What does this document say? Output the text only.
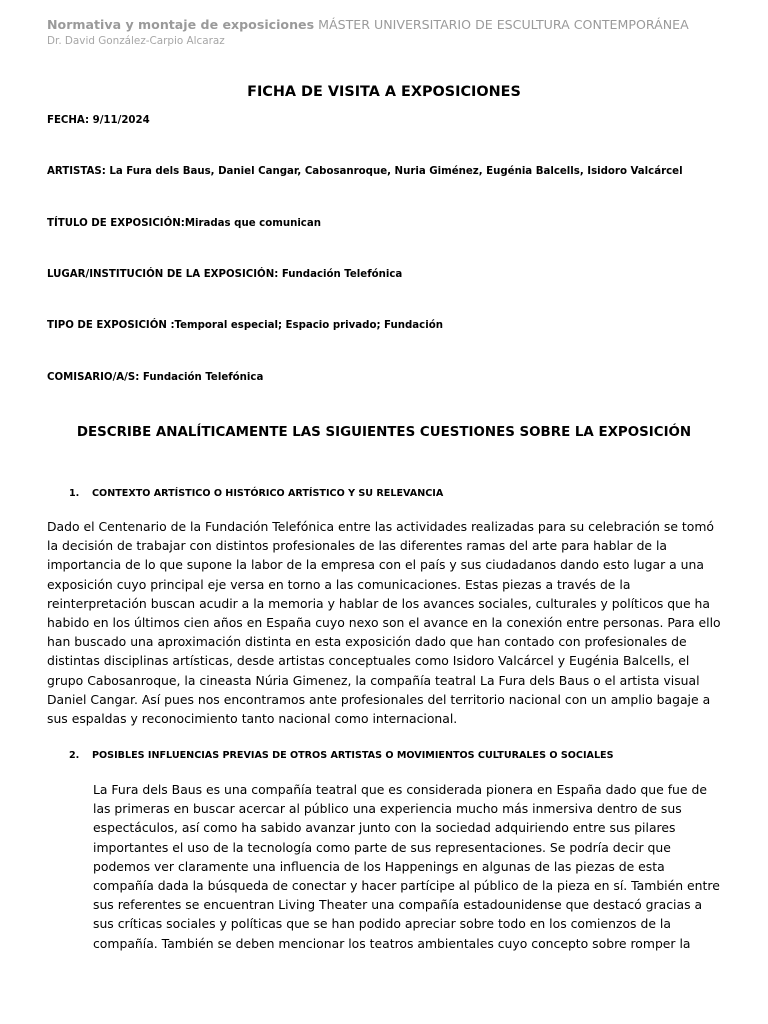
Normativa y montaje de exposiciones MÁSTER UNIVERSITARIO DE ESCULTURA CONTEMPORÁNEA
Dr. David González-Carpio Alcaraz
FICHA DE VISITA A EXPOSICIONES
FECHA: 9/11/2024
ARTISTAS: La Fura dels Baus, Daniel Cangar, Cabosanroque, Nuria Giménez, Eugénia Balcells, Isidoro Valcárcel
TÍTULO DE EXPOSICIÓN:Miradas que comunican
LUGAR/INSTITUCIÓN DE LA EXPOSICIÓN: Fundación Telefónica
TIPO DE EXPOSICIÓN :Temporal especial; Espacio privado; Fundación
COMISARIO/A/S: Fundación Telefónica
DESCRIBE ANALÍTICAMENTE LAS SIGUIENTES CUESTIONES SOBRE LA EXPOSICIÓN
1. CONTEXTO ARTÍSTICO O HISTÓRICO ARTÍSTICO Y SU RELEVANCIA
Dado el Centenario de la Fundación Telefónica entre las actividades realizadas para su celebración se tomó
la decisión de trabajar con distintos profesionales de las diferentes ramas del arte para hablar de la
importancia de lo que supone la labor de la empresa con el país y sus ciudadanos dando esto lugar a una
exposición cuyo principal eje versa en torno a las comunicaciones. Estas piezas a través de la
reinterpretación buscan acudir a la memoria y hablar de los avances sociales, culturales y políticos que ha
habido en los últimos cien años en España cuyo nexo son el avance en la conexión entre personas. Para ello
han buscado una aproximación distinta en esta exposición dado que han contado con profesionales de
distintas disciplinas artísticas, desde artistas conceptuales como Isidoro Valcárcel y Eugénia Balcells, el
grupo Cabosanroque, la cineasta Núria Gimenez, la compañía teatral La Fura dels Baus o el artista visual
Daniel Cangar. Así pues nos encontramos ante profesionales del territorio nacional con un amplio bagaje a
sus espaldas y reconocimiento tanto nacional como internacional.
2. POSIBLES INFLUENCIAS PREVIAS DE OTROS ARTISTAS O MOVIMIENTOS CULTURALES O SOCIALES
La Fura dels Baus es una compañía teatral que es considerada pionera en España dado que fue de
las primeras en buscar acercar al público una experiencia mucho más inmersiva dentro de sus
espectáculos, así como ha sabido avanzar junto con la sociedad adquiriendo entre sus pilares
importantes el uso de la tecnología como parte de sus representaciones. Se podría decir que
podemos ver claramente una influencia de los Happenings en algunas de las piezas de esta
compañía dada la búsqueda de conectar y hacer partícipe al público de la pieza en sí. También entre
sus referentes se encuentran Living Theater una compañía estadounidense que destacó gracias a
sus críticas sociales y políticas que se han podido apreciar sobre todo en los comienzos de la
compañía. También se deben mencionar los teatros ambientales cuyo concepto sobre romper la
